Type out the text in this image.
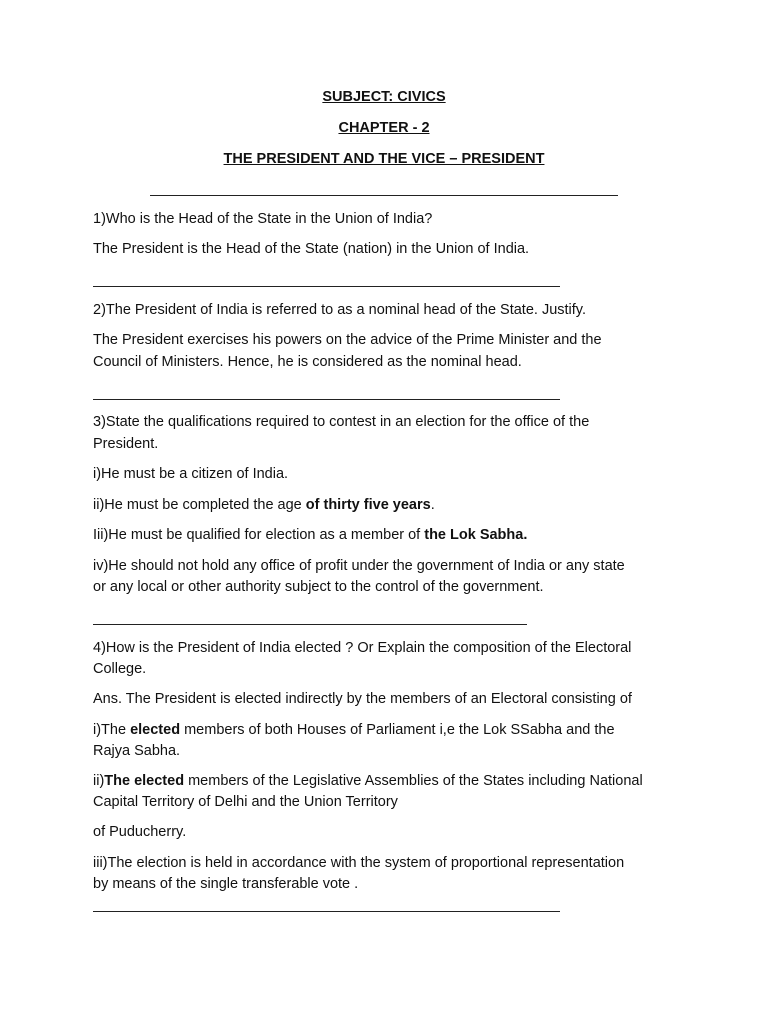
SUBJECT: CIVICS
CHAPTER - 2
THE PRESIDENT AND THE VICE – PRESIDENT
1)Who is the Head of the State in the Union of India?
The President is the Head of the State (nation) in the Union of India.
2)The President of India is referred to as a nominal head of the State. Justify.
The President exercises his powers on the advice of the Prime Minister and the
Council of Ministers. Hence, he is considered as the nominal head.
3)State the qualifications required to contest in an election for the office of the
President.
i)He must be a citizen of India.
ii)He must be completed the age of thirty five years.
Iii)He must be qualified for election as a member of the Lok Sabha.
iv)He should not hold any office of profit under the government of India or any state
or any local or other authority subject to the control of the government.
4)How is the President of India elected ? Or Explain the composition of the Electoral
College.
Ans. The President is elected indirectly by the members of an Electoral consisting of
i)The elected members of both Houses of Parliament i,e the Lok SSabha and the
Rajya Sabha.
ii)The elected members of the Legislative Assemblies of the States including National
Capital Territory of Delhi and the Union Territory
of Puducherry.
iii)The election is held in accordance with the system of proportional representation
by means of the single transferable vote .
